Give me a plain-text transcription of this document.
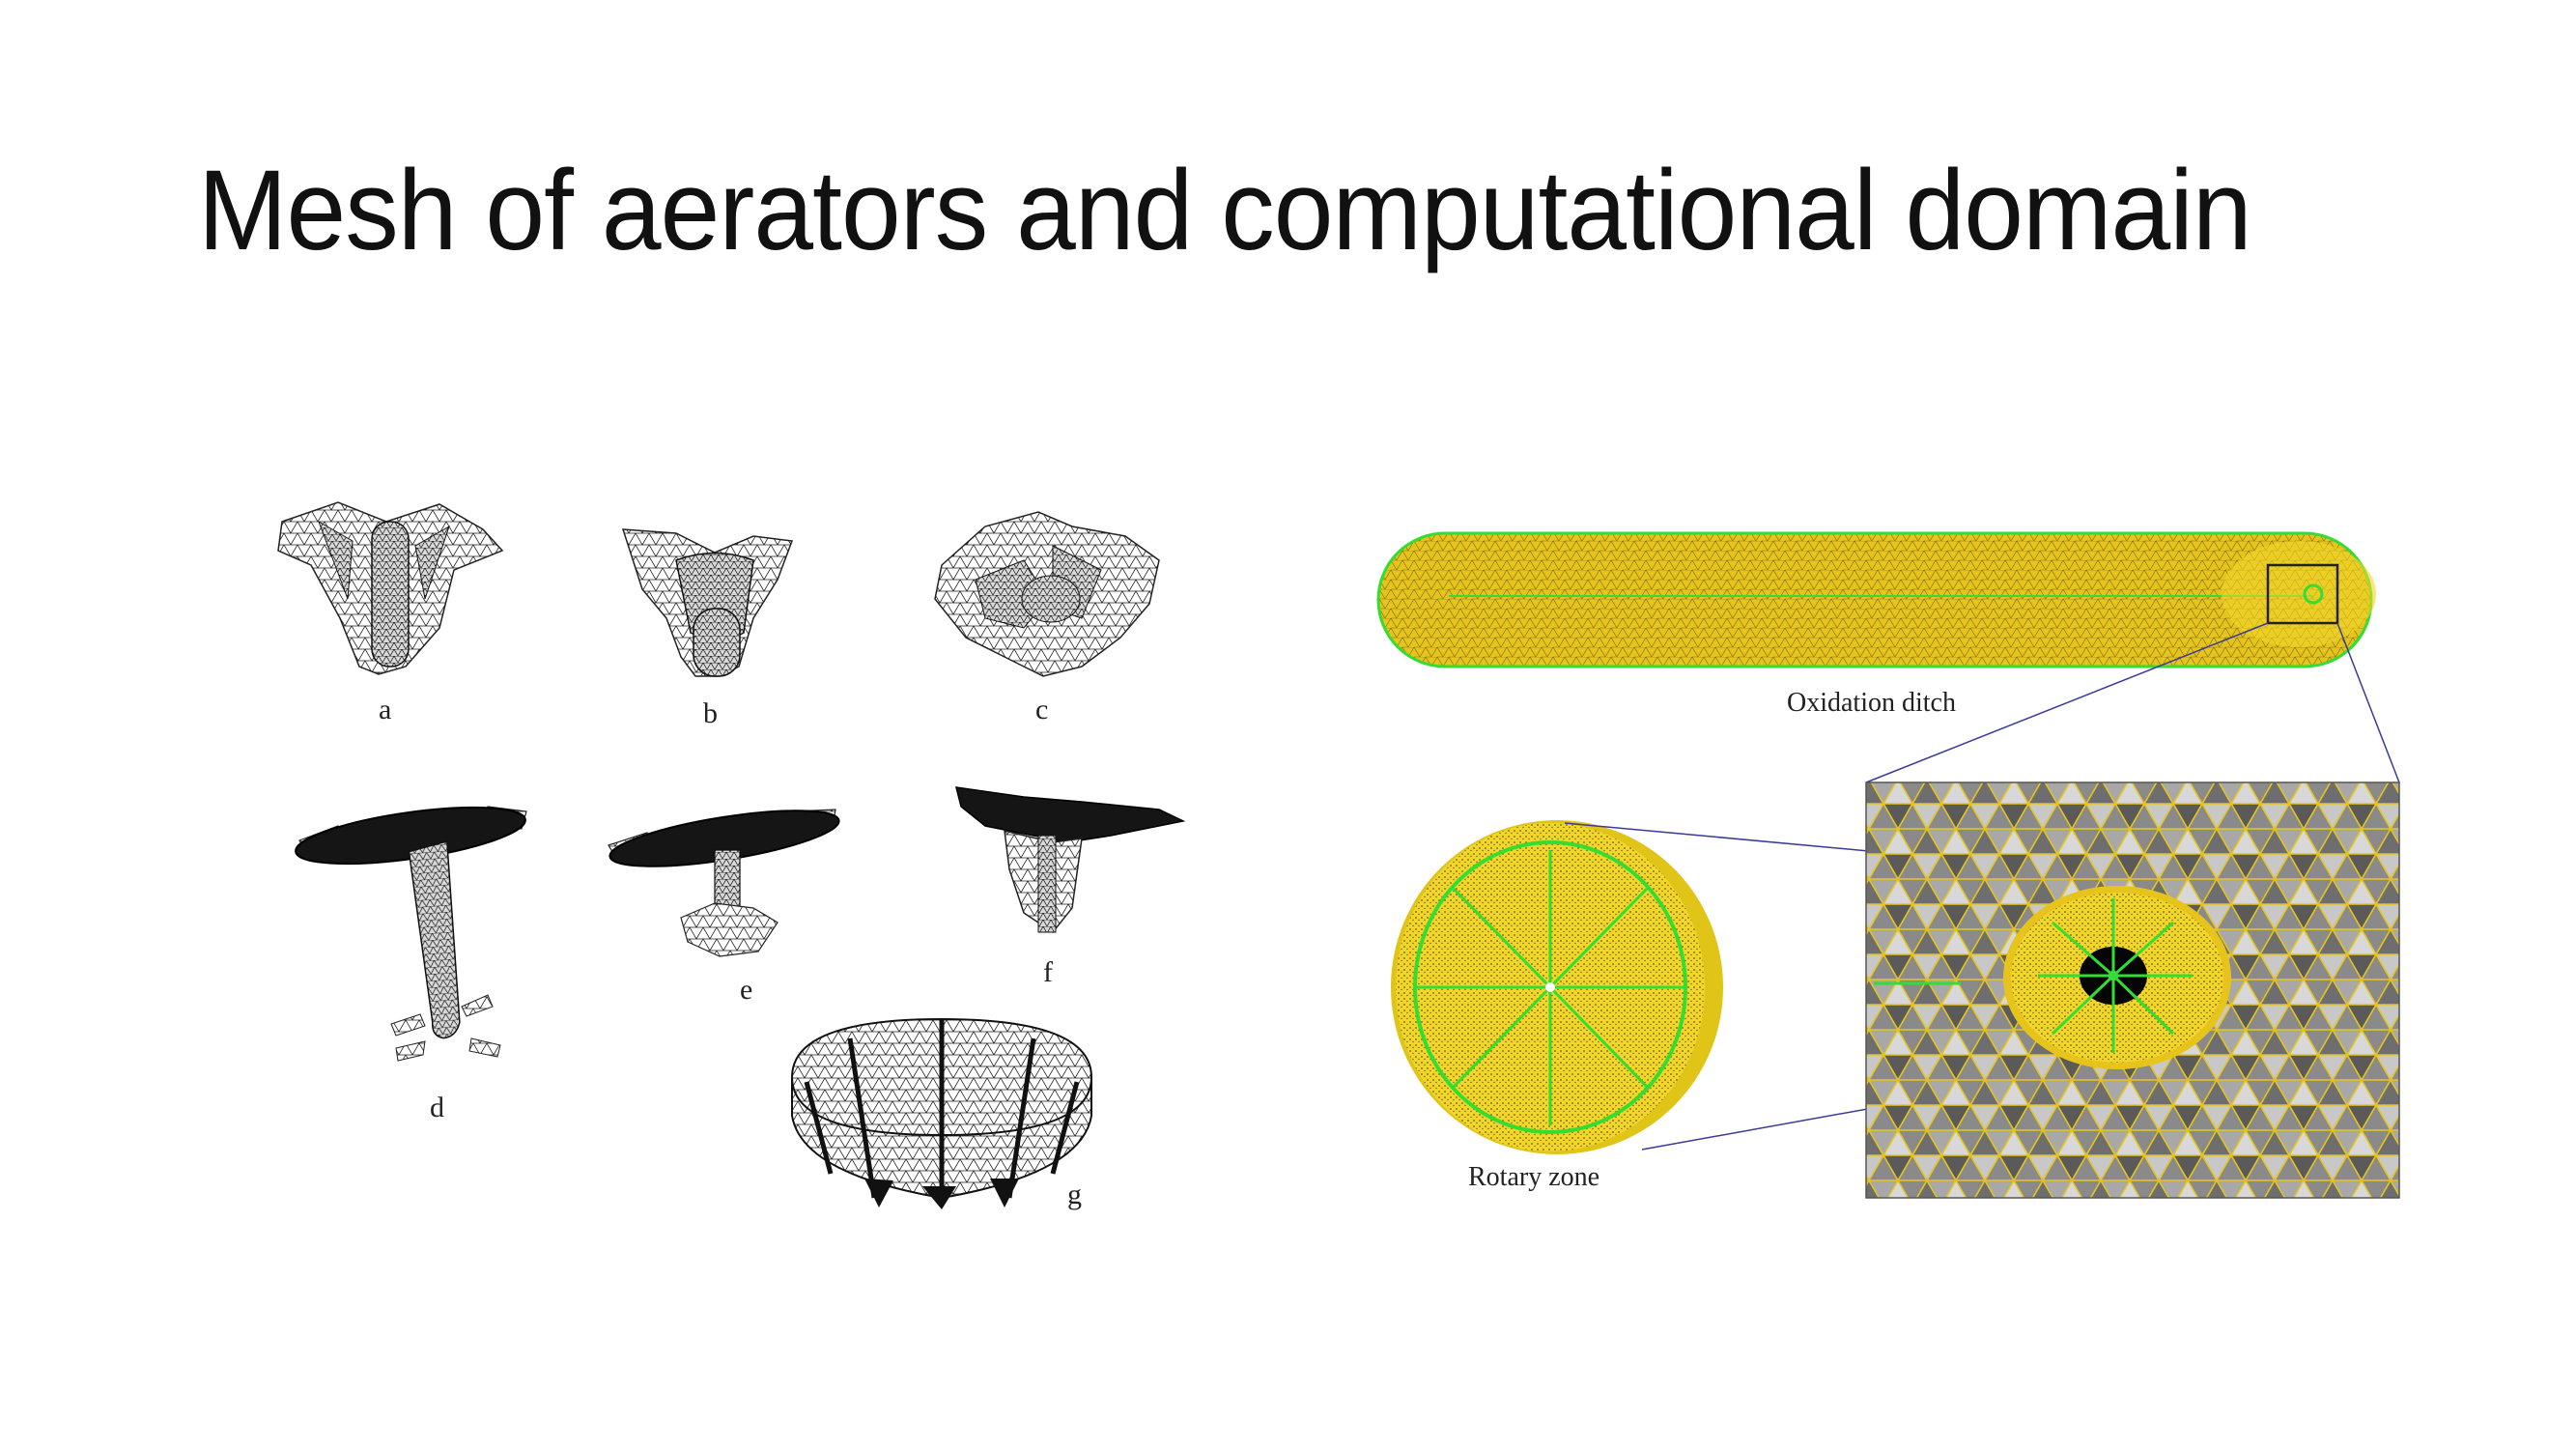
Mesh of aerators and computational domain
a	b	c
d
e
f
g
Oxidation ditch
Rotary zone
